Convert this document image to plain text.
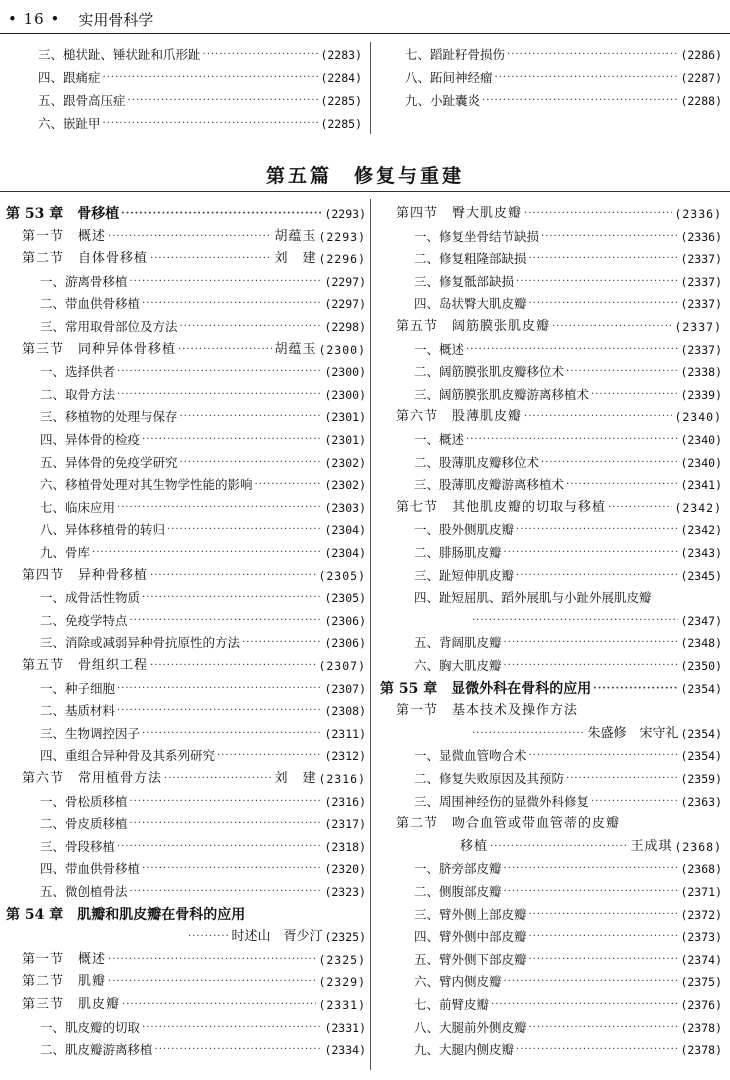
• 16 • 实用骨科学
三、槌状趾、锤状趾和爪形趾 ·····	(2283)
四、跟痛症 ·····	(2284)
五、跟骨高压症 ·····	(2285)
六、嵌趾甲 ·····	(2285)
七、蹈趾籽骨损伤 ·····	(2286)
八、跖间神经瘤 ·····	(2287)
九、小趾囊炎 ·····	(2288)
第五篇　修复与重建
第 53 章　骨移植 ·····	(2293)
第一节　概述 ·····	胡蕴玉 (2293)
第二节　自体骨移植 ·····	刘　建 (2296)
一、游离骨移植 ·····	(2297)
二、带血供骨移植 ·····	(2297)
三、常用取骨部位及方法 ·····	(2298)
第三节　同种异体骨移植 ·····	胡蕴玉 (2300)
一、选择供者 ·····	(2300)
二、取骨方法 ·····	(2300)
三、移植物的处理与保存 ·····	(2301)
四、异体骨的检疫 ·····	(2301)
五、异体骨的免疫学研究 ·····	(2302)
六、移植骨处理对其生物学性能的影响 ·····	(2302)
七、临床应用 ·····	(2303)
八、异体移植骨的转归 ·····	(2304)
九、骨库 ·····	(2304)
第四节　异种骨移植 ·····	(2305)
一、成骨活性物质 ·····	(2305)
二、免疫学特点 ·····	(2306)
三、消除或减弱异种骨抗原性的方法 ·····	(2306)
第五节　骨组织工程 ·····	(2307)
一、种子细胞 ·····	(2307)
二、基质材料 ·····	(2308)
三、生物调控因子 ·····	(2311)
四、重组合异种骨及其系列研究 ·····	(2312)
第六节　常用植骨方法 ·····	刘　建 (2316)
一、骨松质移植 ·····	(2316)
二、骨皮质移植 ·····	(2317)
三、骨段移植 ·····	(2318)
四、带血供骨移植 ·····	(2320)
五、微创植骨法 ·····	(2323)
第 54 章　肌瓣和肌皮瓣在骨科的应用
·····
时述山　胥少汀 (2325)
第一节　概述 ·····	(2325)
第二节　肌瓣 ·····	(2329)
第三节　肌皮瓣 ·····	(2331)
一、肌皮瓣的切取 ·····	(2331)
二、肌皮瓣游离移植 ·····	(2334)
第四节　臀大肌皮瓣 ·····	(2336)
一、修复坐骨结节缺损 ·····	(2336)
二、修复粗隆部缺损 ·····	(2337)
三、修复骶部缺损 ·····	(2337)
四、岛状臀大肌皮瓣 ·····	(2337)
第五节　阔筋膜张肌皮瓣 ·····	(2337)
一、概述 ·····	(2337)
二、阔筋膜张肌皮瓣移位术 ·····	(2338)
三、阔筋膜张肌皮瓣游离移植术 ·····	(2339)
第六节　股薄肌皮瓣 ·····	(2340)
一、概述 ·····	(2340)
二、股薄肌皮瓣移位术 ·····	(2340)
三、股薄肌皮瓣游离移植术 ·····	(2341)
第七节　其他肌皮瓣的切取与移植 ·····	(2342)
一、股外侧肌皮瓣 ·····	(2342)
二、腓肠肌皮瓣 ·····	(2343)
三、趾短伸肌皮瓣 ·····	(2345)
四、趾短屈肌、蹈外展肌与小趾外展肌皮瓣
·····
(2347)
五、背阔肌皮瓣 ·····	(2348)
六、胸大肌皮瓣 ·····	(2350)
第 55 章　显微外科在骨科的应用 ·····	(2354)
第一节　基本技术及操作方法
·····
朱盛修　宋守礼 (2354)
一、显微血管吻合术 ·····	(2354)
二、修复失败原因及其预防 ·····	(2359)
三、周围神经伤的显微外科修复 ·····	(2363)
第二节　吻合血管或带血管蒂的皮瓣
移植 ·····	王成琪 (2368)
一、脐旁部皮瓣 ·····	(2368)
二、侧腹部皮瓣 ·····	(2371)
三、臂外侧上部皮瓣 ·····	(2372)
四、臂外侧中部皮瓣 ·····	(2373)
五、臂外侧下部皮瓣 ·····	(2374)
六、臂内侧皮瓣 ·····	(2375)
七、前臂皮瓣 ·····	(2376)
八、大腿前外侧皮瓣 ·····	(2378)
九、大腿内侧皮瓣 ·····	(2378)
